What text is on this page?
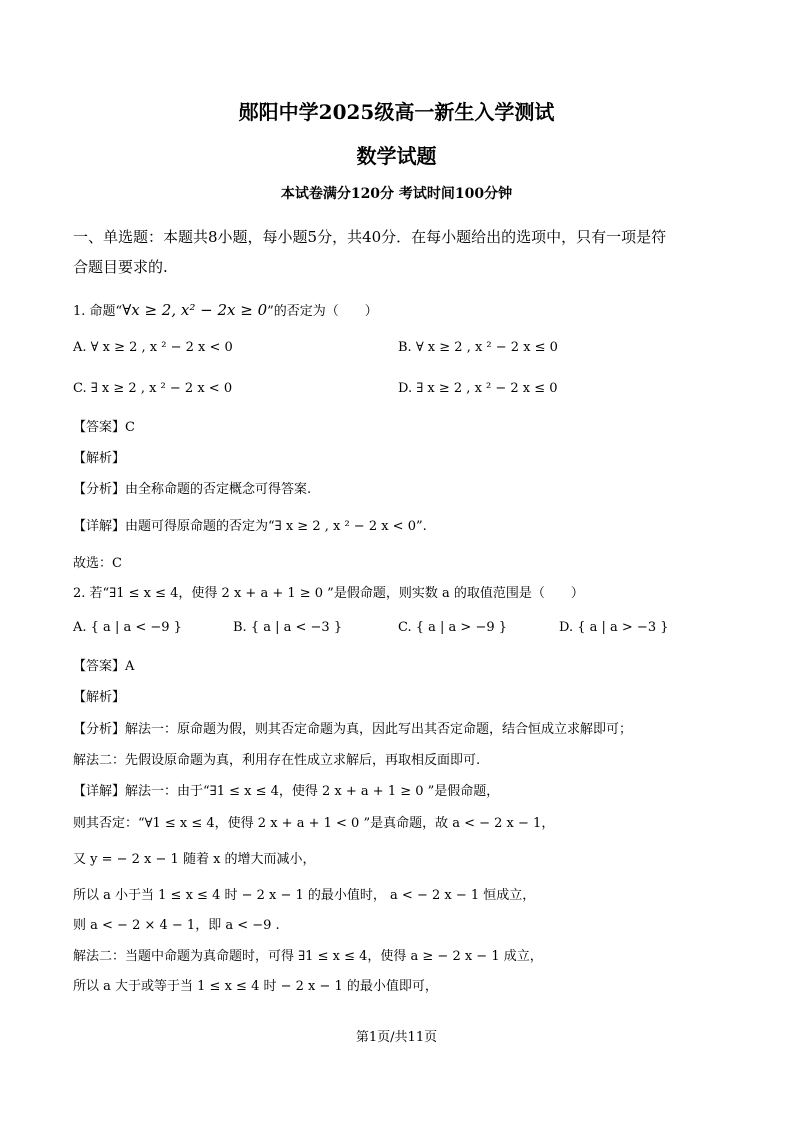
郧阳中学2025级高一新生入学测试
数学试题
本试卷满分120分 考试时间100分钟
一、单选题：本题共8小题，每小题5分，共40分．在每小题给出的选项中，只有一项是符
合题目要求的.
1. 命题“∀x ≥ 2, x² − 2x ≥ 0”的否定为（　　）
A. ∀ x ≥ 2 , x ² − 2 x < 0	B. ∀ x ≥ 2 , x ² − 2 x ≤ 0
C. ∃ x ≥ 2 , x ² − 2 x < 0	D. ∃ x ≥ 2 , x ² − 2 x ≤ 0
【答案】C
【解析】
【分析】由全称命题的否定概念可得答案.
【详解】由题可得原命题的否定为“∃ x ≥ 2 , x ² − 2 x < 0”.
故选：C
2. 若“∃1 ≤ x ≤ 4，使得 2 x + a + 1 ≥ 0 ”是假命题，则实数 a 的取值范围是（　　）
A. { a | a < −9 }	B. { a | a < −3 }	C. { a | a > −9 }	D. { a | a > −3 }
【答案】A
【解析】
【分析】解法一：原命题为假，则其否定命题为真，因此写出其否定命题，结合恒成立求解即可；
解法二：先假设原命题为真，利用存在性成立求解后，再取相反面即可.
【详解】解法一：由于“∃1 ≤ x ≤ 4，使得 2 x + a + 1 ≥ 0 ”是假命题，
则其否定：“∀1 ≤ x ≤ 4，使得 2 x + a + 1 < 0 ”是真命题，故 a < − 2 x − 1，
又 y = − 2 x − 1 随着 x 的增大而减小，
所以 a 小于当 1 ≤ x ≤ 4 时 − 2 x − 1 的最小值时， a < − 2 x − 1 恒成立，
则 a < − 2 × 4 − 1，即 a < −9 .
解法二：当题中命题为真命题时，可得 ∃1 ≤ x ≤ 4，使得 a ≥ − 2 x − 1 成立，
所以 a 大于或等于当 1 ≤ x ≤ 4 时 − 2 x − 1 的最小值即可，
第1页/共11页
